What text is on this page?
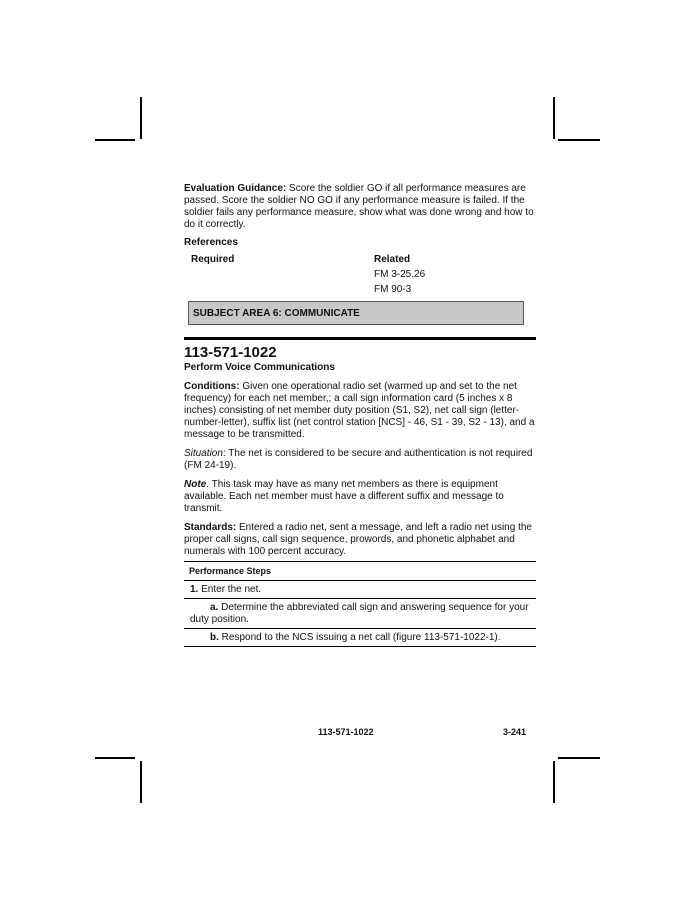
Evaluation Guidance: Score the soldier GO if all performance measures are passed. Score the soldier NO GO if any performance measure is failed. If the soldier fails any performance measure, show what was done wrong and how to do it correctly.

References
Required	Related
FM 3-25.26
FM 90-3
SUBJECT AREA 6: COMMUNICATE
113-571-1022
Perform Voice Communications

Conditions: Given one operational radio set (warmed up and set to the net frequency) for each net member,; a call sign information card (5 inches x 8 inches) consisting of net member duty position (S1, S2), net call sign (letter-number-letter), suffix list (net control station [NCS] - 46, S1 - 39, S2 - 13), and a message to be transmitted.

Situation: The net is considered to be secure and authentication is not required (FM 24-19).

Note. This task may have as many net members as there is equipment available. Each net member must have a different suffix and message to transmit.

Standards: Entered a radio net, sent a message, and left a radio net using the proper call signs, call sign sequence, prowords, and phonetic alphabet and numerals with 100 percent accuracy.

Performance Steps
1. Enter the net.
a. Determine the abbreviated call sign and answering sequence for your duty position.
b. Respond to the NCS issuing a net call (figure 113-571-1022-1).
113-571-1022	3-241
